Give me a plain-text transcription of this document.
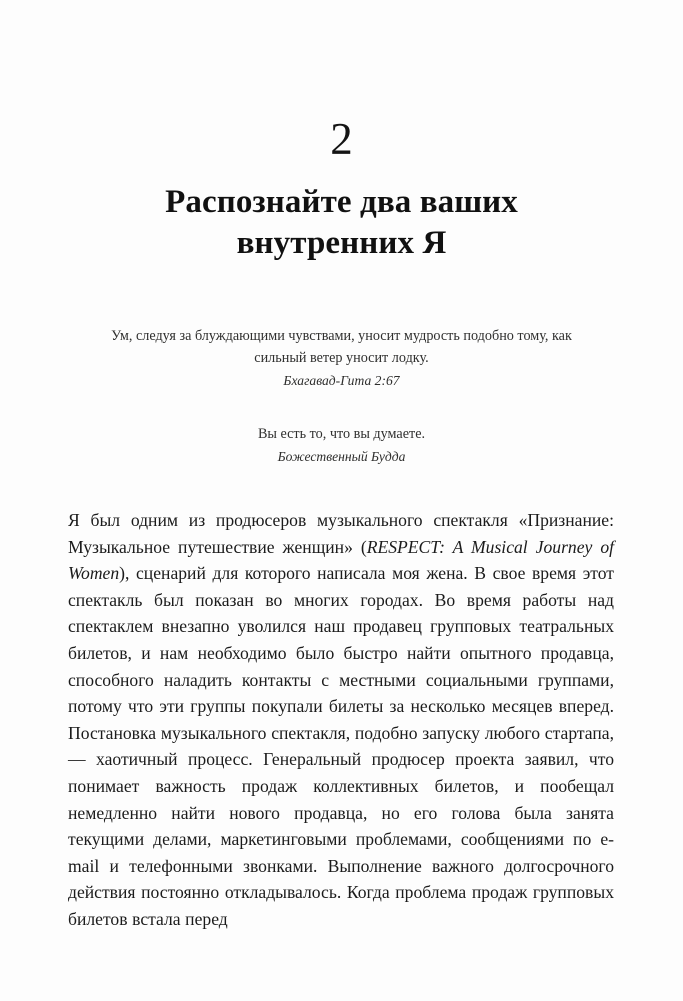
2
Распознайте два ваших
внутренних Я
Ум, следуя за блуждающими чувствами, уносит мудрость подобно тому, как сильный ветер уносит лодку.
Бхагавад-Гита 2:67
Вы есть то, что вы думаете.
Божественный Будда

Я был одним из продюсеров музыкального спектакля «Признание: Музыкальное путешествие женщин» (RESPECT: A Musical Journey of Women), сценарий для которого написала моя жена. В свое время этот спектакль был показан во многих городах. Во время работы над спектаклем внезапно уволился наш продавец групповых театральных билетов, и нам необходимо было быстро найти опытного продавца, способного наладить контакты с местными социальными группами, потому что эти группы покупали билеты за несколько месяцев вперед. Постановка музыкального спектакля, подобно запуску любого стартапа, — хаотичный процесс. Генеральный продюсер проекта заявил, что понимает важность продаж коллективных билетов, и пообещал немедленно найти нового продавца, но его голова была занята текущими делами, маркетинговыми проблемами, сообщениями по e-mail и телефонными звонками. Выполнение важного долгосрочного действия постоянно откладывалось. Когда проблема продаж групповых билетов встала перед
